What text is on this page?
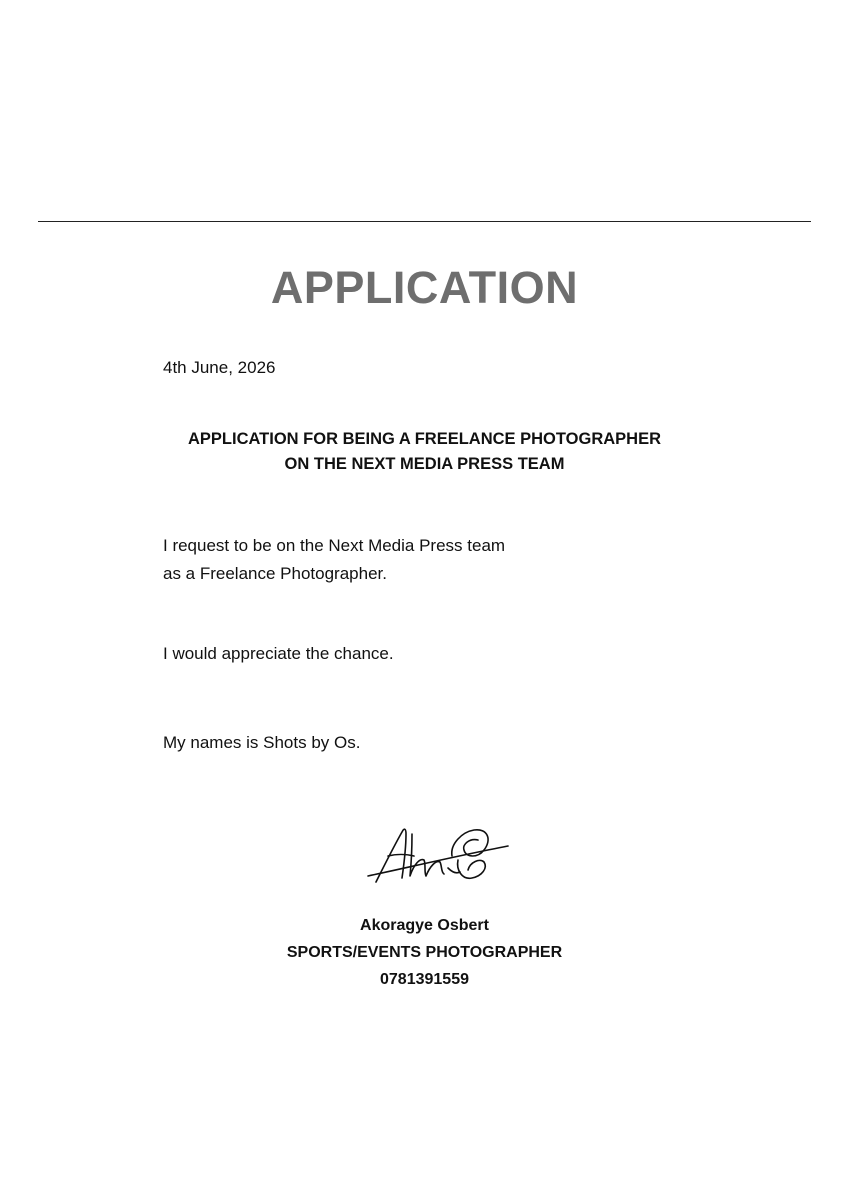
APPLICATION
4th June, 2026
APPLICATION FOR BEING A FREELANCE PHOTOGRAPHER
ON THE NEXT MEDIA PRESS TEAM
I request to be on the Next Media Press team
as a Freelance Photographer.
I would appreciate the chance.
My names is Shots by Os.
Akoragye Osbert
SPORTS/EVENTS PHOTOGRAPHER
0781391559
